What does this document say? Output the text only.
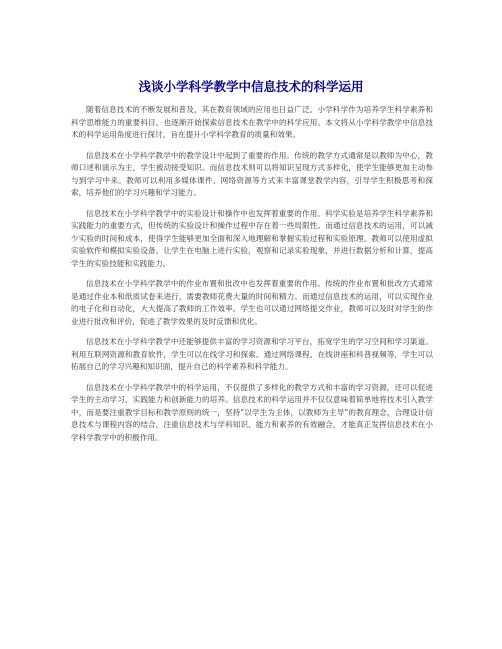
浅谈小学科学教学中信息技术的科学运用

随着信息技术的不断发展和普及，其在教育领域的应用也日益广泛。小学科学作为培养学生科学素养和科学思维能力的重要科目，也逐渐开始探索信息技术在教学中的科学应用。本文将从小学科学教学中信息技术的科学运用角度进行探讨，旨在提升小学科学教育的质量和效果。

信息技术在小学科学教学中的教学设计中起到了重要的作用。传统的教学方式通常是以教师为中心，教师口述和演示为主，学生被动接受知识。而信息技术则可以将知识呈现方式多样化，使学生能够更加主动参与到学习中来。教师可以利用多媒体课件、网络资源等方式来丰富课堂教学内容，引导学生积极思考和探索，培养他们的学习兴趣和学习能力。

信息技术在小学科学教学中的实验设计和操作中也发挥着重要的作用。科学实验是培养学生科学素养和实践能力的重要方式，但传统的实验设计和操作过程中存在着一些局限性。而通过信息技术的运用，可以减少实验的时间和成本，使得学生能够更加全面和深入地理解和掌握实验过程和实验原理。教师可以使用虚拟实验软件和模拟实验设备，让学生在电脑上进行实验，观察和记录实验现象，并进行数据分析和计算，提高学生的实验技能和实践能力。

信息技术在小学科学教学中的作业布置和批改中也发挥着重要的作用。传统的作业布置和批改方式通常是通过作业本和纸质试卷来进行，需要教师花费大量的时间和精力。而通过信息技术的运用，可以实现作业的电子化和自动化，大大提高了教师的工作效率。学生也可以通过网络提交作业，教师可以及时对学生的作业进行批改和评价，促进了教学效果的及时反馈和优化。

信息技术在小学科学教学中还能够提供丰富的学习资源和学习平台，拓宽学生的学习空间和学习渠道。利用互联网资源和教育软件，学生可以在线学习和探索。通过网络课程、在线讲座和科普视频等，学生可以拓展自己的学习兴趣和知识面，提升自己的科学素养和科学能力。

信息技术在小学科学教学中的科学运用，不仅提供了多样化的教学方式和丰富的学习资源，还可以促进学生的主动学习、实践能力和创新能力的培养。信息技术的科学运用并不仅仅意味着简单地将技术引入教学中，而是要注重教学目标和教学原则的统一，坚持“以学生为主体，以教师为主导”的教育理念，合理设计信息技术与课程内容的结合，注重信息技术与学科知识、能力和素养的有效融合，才能真正发挥信息技术在小学科学教学中的积极作用。
